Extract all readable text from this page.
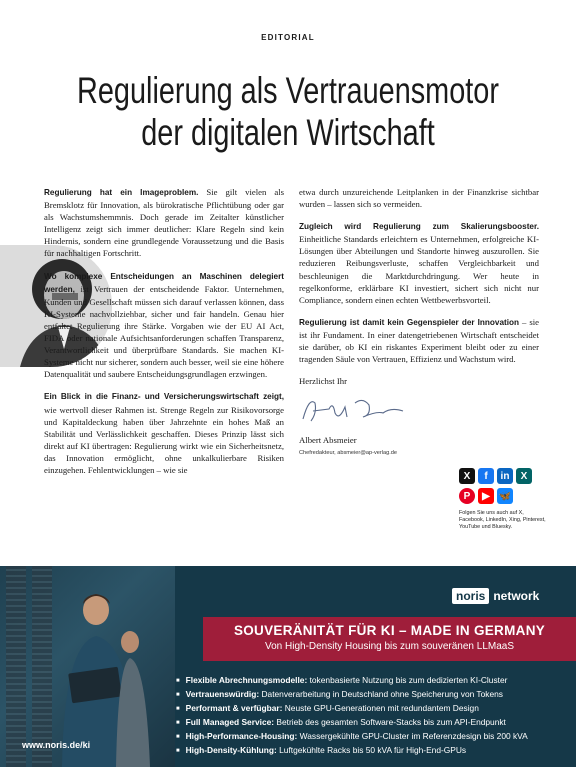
EDITORIAL
Regulierung als Vertrauensmotor
der digitalen Wirtschaft

Regulierung hat ein Imageproblem. Sie gilt vielen als Bremsklotz für Innovation, als bürokratische Pflichtübung oder gar als Wachstumshemmnis. Doch gerade im Zeitalter künstlicher Intelligenz zeigt sich immer deutlicher: Klare Regeln sind kein Hindernis, sondern eine grundlegende Voraussetzung und die Basis für nachhaltigen Fortschritt.

Wo komplexe Entscheidungen an Maschinen delegiert werden, ist Vertrauen der entscheidende Faktor. Unternehmen, Kunden und Gesellschaft müssen sich darauf verlassen können, dass KI-Systeme nachvollziehbar, sicher und fair handeln. Genau hier entfaltet Regulierung ihre Stärke. Vorgaben wie der EU AI Act, FIDA oder nationale Aufsichtsanforderungen schaffen Transparenz, Verantwortlichkeit und überprüfbare Standards. Sie machen KI-Systeme nicht nur sicherer, sondern auch besser, weil sie eine höhere Datenqualität und saubere Entscheidungsgrundlagen erzwingen.

Ein Blick in die Finanz- und Versicherungswirtschaft zeigt, wie wertvoll dieser Rahmen ist. Strenge Regeln zur Risikovorsorge und Kapitaldeckung haben über Jahrzehnte ein hohes Maß an Stabilität und Verlässlichkeit geschaffen. Dieses Prinzip lässt sich direkt auf KI übertragen: Regulierung wirkt wie ein Sicherheitsnetz, das Innovation ermöglicht, ohne unkalkulierbare Risiken einzugehen. Fehlentwicklungen – wie sie

etwa durch unzureichende Leitplanken in der Finanzkrise sichtbar wurden – lassen sich so vermeiden.

Zugleich wird Regulierung zum Skalierungsbooster. Einheitliche Standards erleichtern es Unternehmen, erfolgreiche KI-Lösungen über Abteilungen und Standorte hinweg auszurollen. Sie reduzieren Reibungsverluste, schaffen Vergleichbarkeit und beschleunigen die Marktdurchdringung. Wer heute in regelkonforme, erklärbare KI investiert, sichert sich nicht nur Compliance, sondern einen echten Wettbewerbsvorteil.

Regulierung ist damit kein Gegenspieler der Innovation – sie ist ihr Fundament. In einer datengetriebenen Wirtschaft entscheidet sie darüber, ob KI ein riskantes Experiment bleibt oder zu einer tragenden Säule von Vertrauen, Effizienz und Wachstum wird.

Herzlichst Ihr
Albert Absmeier
Chefredakteur, absmeier@ap-verlag.de
X	f	in	X
P	▶ 🦋
Folgen Sie uns auch auf X, Facebook, LinkedIn, Xing, Pinterest, YouTube und Bluesky.
noris network
SOUVERÄNITÄT FÜR KI – MADE IN GERMANY
Von High-Density Housing bis zum souveränen LLMaaS
■ Flexible Abrechnungsmodelle: tokenbasierte Nutzung bis zum dedizierten KI-Cluster
■ Vertrauenswürdig: Datenverarbeitung in Deutschland ohne Speicherung von Tokens
■ Performant & verfügbar: Neuste GPU-Generationen mit redundantem Design
■ Full Managed Service: Betrieb des gesamten Software-Stacks bis zum API-Endpunkt
■ High-Performance-Housing: Wassergekühlte GPU-Cluster im Referenzdesign bis 200 kVA
■ High-Density-Kühlung: Luftgekühlte Racks bis 50 kVA für High-End-GPUs
www.noris.de/ki
